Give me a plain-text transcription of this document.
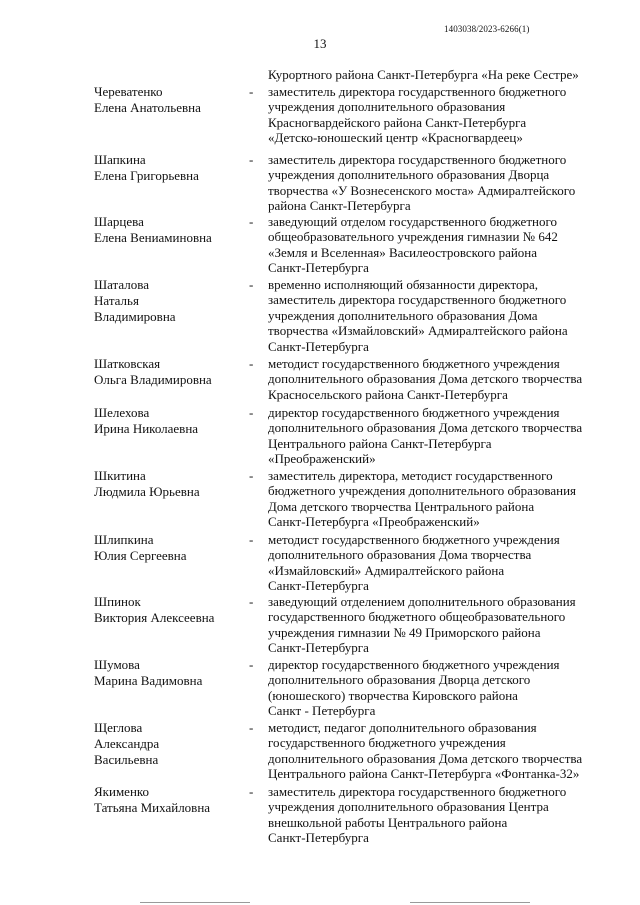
1403038/2023-6266(1)
13
Курортного района Санкт-Петербурга «На реке Сестре»
Череватенко
Елена Анатольевна
- заместитель директора государственного бюджетного
учреждения дополнительного образования
Красногвардейского района Санкт-Петербурга
«Детско-юношеский центр «Красногвардеец»
Шапкина
Елена Григорьевна
- заместитель директора государственного бюджетного
учреждения дополнительного образования Дворца
творчества «У Вознесенского моста» Адмиралтейского
района Санкт-Петербурга
Шарцева
Елена Вениаминовна
- заведующий отделом государственного бюджетного
общеобразовательного учреждения гимназии № 642
«Земля и Вселенная» Василеостровского района
Санкт-Петербурга
Шаталова
Наталья
Владимировна
- временно исполняющий обязанности директора,
заместитель директора государственного бюджетного
учреждения дополнительного образования Дома
творчества «Измайловский» Адмиралтейского района
Санкт-Петербурга
Шатковская
Ольга Владимировна
- методист государственного бюджетного учреждения
дополнительного образования Дома детского творчества
Красносельского района Санкт-Петербурга
Шелехова
Ирина Николаевна
- директор государственного бюджетного учреждения
дополнительного образования Дома детского творчества
Центрального района Санкт-Петербурга
«Преображенский»
Шкитина
Людмила Юрьевна
- заместитель директора, методист государственного
бюджетного учреждения дополнительного образования
Дома детского творчества Центрального района
Санкт-Петербурга «Преображенский»
Шлипкина
Юлия Сергеевна
- методист государственного бюджетного учреждения
дополнительного образования Дома творчества
«Измайловский» Адмиралтейского района
Санкт-Петербурга
Шпинок
Виктория Алексеевна
- заведующий отделением дополнительного образования
государственного бюджетного общеобразовательного
учреждения гимназии № 49 Приморского района
Санкт-Петербурга
Шумова
Марина Вадимовна
- директор государственного бюджетного учреждения
дополнительного образования Дворца детского
(юношеского) творчества Кировского района
Санкт - Петербурга
Щеглова
Александра
Васильевна
- методист, педагог дополнительного образования
государственного бюджетного учреждения
дополнительного образования Дома детского творчества
Центрального района Санкт-Петербурга «Фонтанка-32»
Якименко
Татьяна Михайловна
- заместитель директора государственного бюджетного
учреждения дополнительного образования Центра
внешкольной работы Центрального района
Санкт-Петербурга
